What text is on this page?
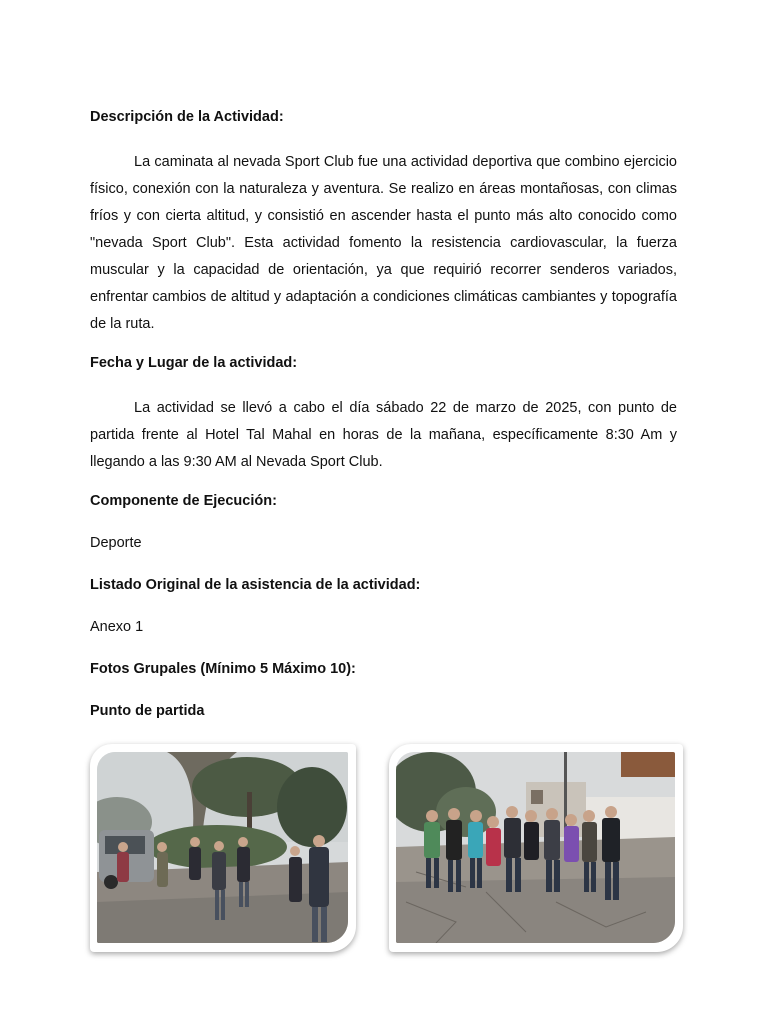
Descripción de la Actividad:

La caminata al nevada Sport Club fue una actividad deportiva que combino ejercicio físico, conexión con la naturaleza y aventura. Se realizo en áreas montañosas, con climas fríos y con cierta altitud, y consistió en ascender hasta el punto más alto conocido como "nevada Sport Club". Esta actividad fomento la resistencia cardiovascular, la fuerza muscular y la capacidad de orientación, ya que requirió recorrer senderos variados, enfrentar cambios de altitud y adaptación a condiciones climáticas cambiantes y topografía de la ruta.

Fecha y Lugar de la actividad:

La actividad se llevó a cabo el día sábado 22 de marzo de 2025, con punto de partida frente al Hotel Tal Mahal en horas de la mañana, específicamente 8:30 Am y llegando a las 9:30 AM al Nevada Sport Club.

Componente de Ejecución:
Deporte
Listado Original de la asistencia de la actividad:
Anexo 1
Fotos Grupales (Mínimo 5 Máximo 10):
Punto de partida
